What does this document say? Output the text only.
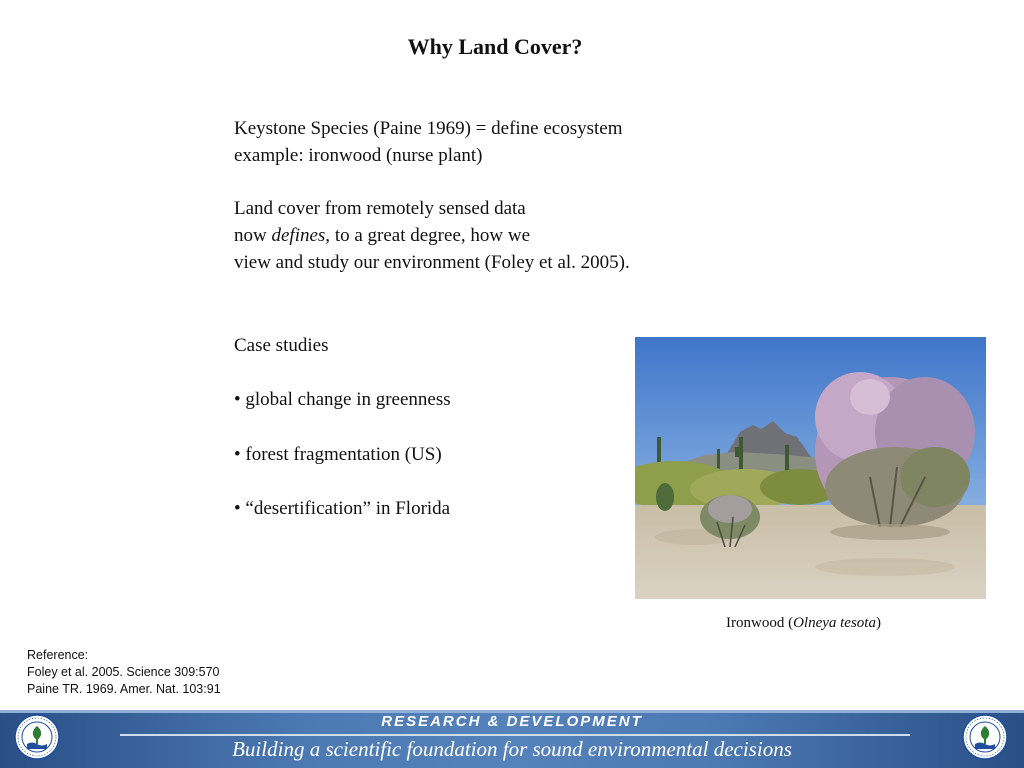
Why Land Cover?
Keystone Species (Paine 1969) = define ecosystem
example: ironwood (nurse plant)
Land cover from remotely sensed data
now defines, to a great degree, how we
view and study our environment (Foley et al. 2005).
Case studies
• global change in greenness
• forest fragmentation (US)
• “desertification” in Florida
Ironwood (Olneya tesota)
Reference:
Foley et al. 2005. Science 309:570
Paine TR. 1969. Amer. Nat. 103:91
RESEARCH & DEVELOPMENT
Building a scientific foundation for sound environmental decisions
